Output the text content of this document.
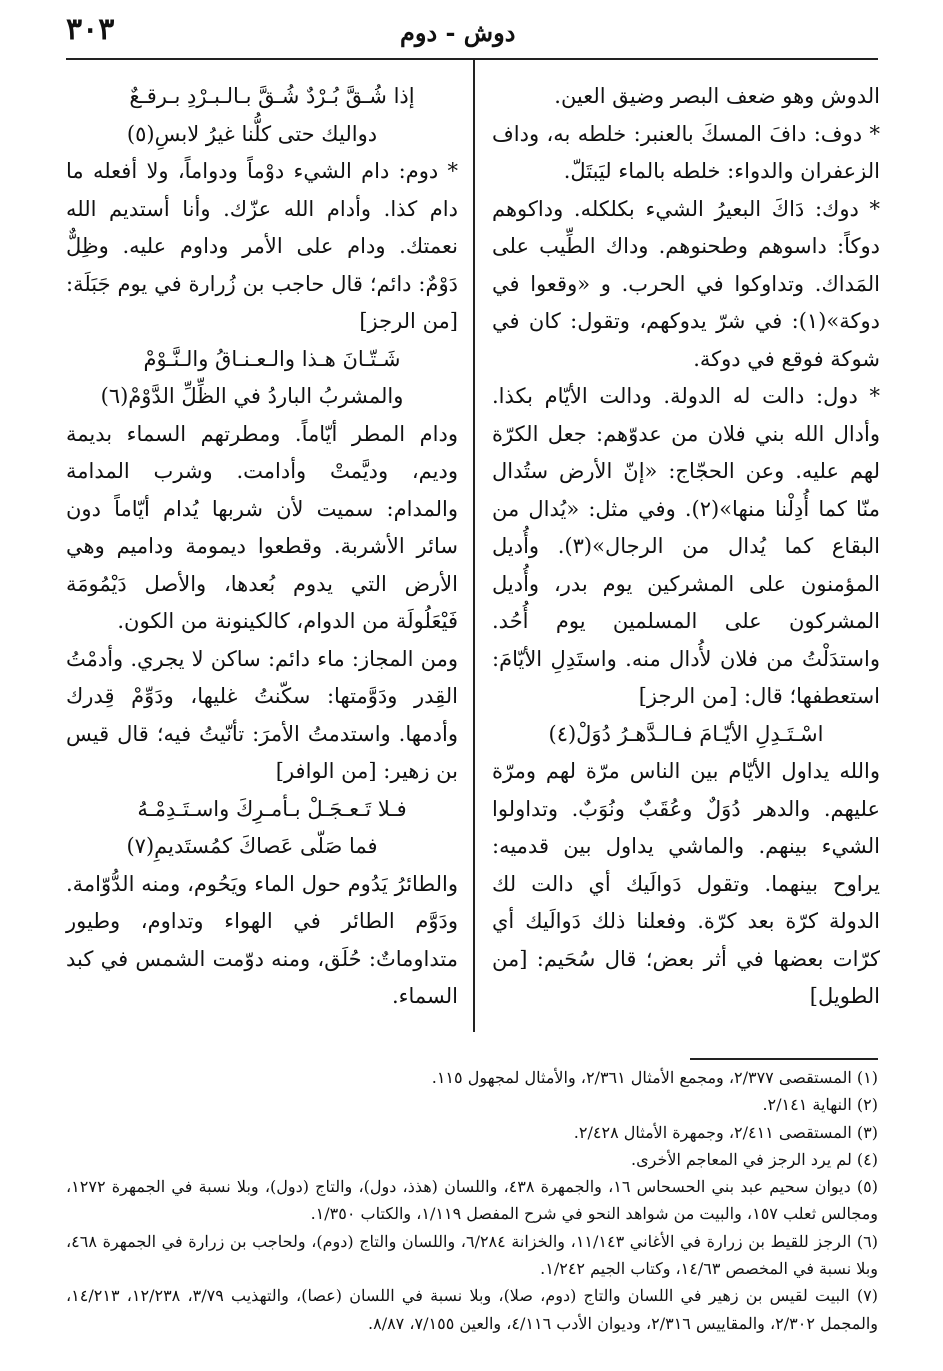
٣٠٣	دوش - دوم

الدوش وهو ضعف البصر وضيق العين.

* دوف: دافَ المسكَ بالعنبر: خلطه به، وداف الزعفران والدواء: خلطه بالماء ليَبتَلّ.

* دوك: دَاكَ البعيرُ الشيء بكلكله. وداكوهم دوكاً: داسوهم وطحنوهم. وداك الطِّيب على المَداك. وتداوكوا في الحرب. و «وقعوا في دوكة»(١): في شرّ يدوكهم، وتقول: كان في شوكة فوقع في دوكة.

* دول: دالت له الدولة. ودالت الأيّام بكذا. وأدال الله بني فلان من عدوّهم: جعل الكرّة لهم عليه. وعن الحجّاج: «إنّ الأرض ستُدال منّا كما أُدِلْنا منها»(٢). وفي مثل: «يُدال من البقاع كما يُدال من الرجال»(٣). وأُديل المؤمنون على المشركين يوم بدر، وأُديل المشركون على المسلمين يوم أُحُد. واستدَلْتُ من فلان لأُدال منه. واستَدِلِ الأيّامَ: استعطفها؛ قال: [من الرجز]

اسْـتَـدِلِ الأيّـامَ فـالـدَّهـرُ دُوَلْ(٤)

والله يداول الأيّام بين الناس مرّة لهم ومرّة عليهم. والدهر دُوَلٌ وعُقَبٌ ونُوَبٌ. وتداولوا الشيء بينهم. والماشي يداول بين قدميه: يراوح بينهما. وتقول دَوالَيك أي دالت لك الدولة كرّة بعد كرّة. وفعلنا ذلك دَوالَيك أي كرّات بعضها في أثر بعض؛ قال سُحَيم: [من الطويل]

إذا شُـقَّ بُـرْدٌ شُـقَّ بـالـبـرْدِ بـرقـعٌ

دواليك حتى كلُّنا غيرُ لابسِ(٥)

* دوم: دام الشيء دوْماً ودواماً، ولا أفعله ما دام كذا. وأدام الله عزّك. وأنا أستديم الله نعمتك. ودام على الأمر وداوم عليه. وظِلٌّ دَوْمٌ: دائم؛ قال حاجب بن زُرارة في يوم جَبَلَة: [من الرجز]

شَـتّـانَ هـذا والـعـنـاقُ والـنَّـوْمْ

والمشربُ الباردُ في الظِّلِّ الدَّوْمْ(٦)

ودام المطر أيّاماً. ومطرتهم السماء بديمة وديم، وديَّمتْ وأدامت. وشرب المدامة والمدام: سميت لأن شربها يُدام أيّاماً دون سائر الأشربة. وقطعوا ديمومة وداميم وهي الأرض التي يدوم بُعدها، والأصل دَيْمُومَة فَيْعَلُولَة من الدوام، كالكينونة من الكون.

ومن المجاز: ماء دائم: ساكن لا يجري. وأدمْتُ القِدر ودَوَّمتها: سكّنتُ غليها، ودَوِّمْ قِدرك وأدمها. واستدمتُ الأمرَ: تأنّيتُ فيه؛ قال قيس بن زهير: [من الوافر]

فـلا تَـعـجَـلْ بـأمـرِكَ واسـتَـدِمْـهُ

فما صَلّى عَصاكَ كمُستَديمِ(٧)

والطائرُ يَدُوم حول الماء ويَحُوم، ومنه الدُّوّامة. ودَوَّم الطائر في الهواء وتداوم، وطيور متداوماتٌ: حُلَق، ومنه دوّمت الشمس في كبد السماء.

(١) المستقصى ٢/٣٧٧، ومجمع الأمثال ٢/٣٦١، والأمثال لمجهول ١١٥.

(٢) النهاية ٢/١٤١.

(٣) المستقصى ٢/٤١١، وجمهرة الأمثال ٢/٤٢٨.

(٤) لم يرد الرجز في المعاجم الأخرى.

(٥) ديوان سحيم عبد بني الحسحاس ١٦، والجمهرة ٤٣٨، واللسان (هذذ، دول)، والتاج (دول)، وبلا نسبة في الجمهرة ١٢٧٢، ومجالس ثعلب ١٥٧، والبيت من شواهد النحو في شرح المفصل ١/١١٩، والكتاب ١/٣٥٠.

(٦) الرجز للقيط بن زرارة في الأغاني ١١/١٤٣، والخزانة ٦/٢٨٤، واللسان والتاج (دوم)، ولحاجب بن زرارة في الجمهرة ٤٦٨، وبلا نسبة في المخصص ١٤/٦٣، وكتاب الجيم ١/٢٤٢.

(٧) البيت لقيس بن زهير في اللسان والتاج (دوم، صلا)، وبلا نسبة في اللسان (عصا)، والتهذيب ٣/٧٩، ١٢/٢٣٨، ١٤/٢١٣، والمجمل ٢/٣٠٢، والمقاييس ٢/٣١٦، وديوان الأدب ٤/١١٦، والعين ٧/١٥٥، ٨/٨٧.
